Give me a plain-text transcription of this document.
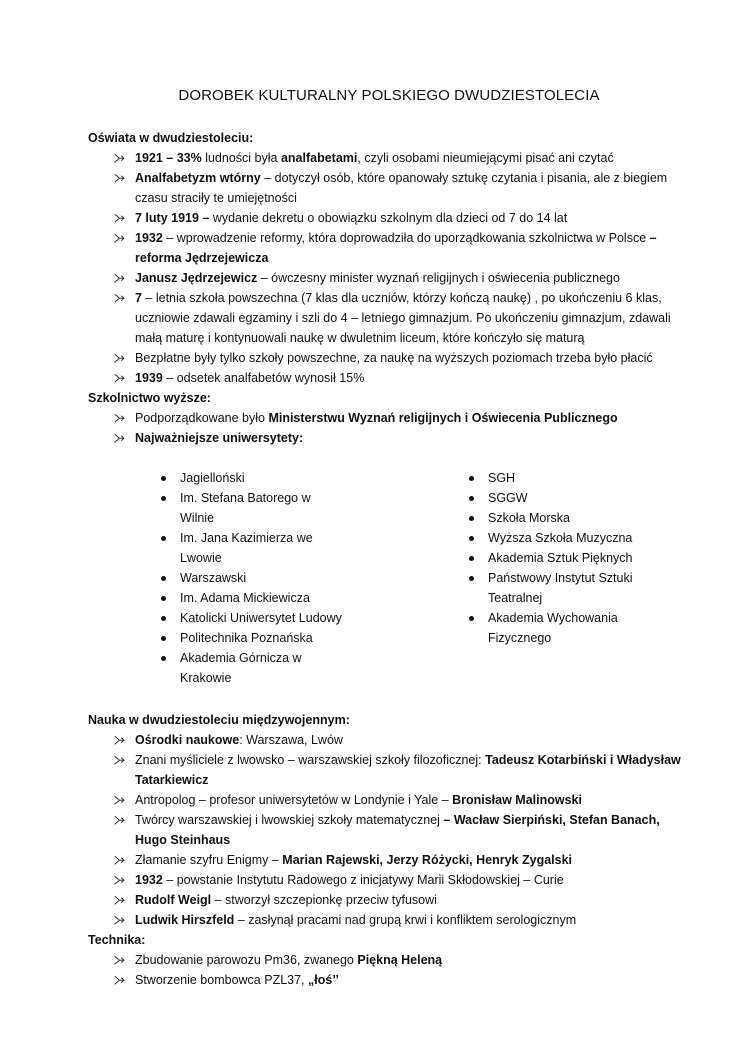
DOROBEK KULTURALNY POLSKIEGO DWUDZIESTOLECIA
Oświata w dwudziestoleciu:
1921 – 33% ludności była analfabetami, czyli osobami nieumiejącymi pisać ani czytać
Analfabetyzm wtórny – dotyczył osób, które opanowały sztukę czytania i pisania, ale z biegiem czasu straciły te umiejętności
7 luty 1919 – wydanie dekretu o obowiązku szkolnym dla dzieci od 7 do 14 lat
1932 – wprowadzenie reformy, która doprowadziła do uporządkowania szkolnictwa w Polsce – reforma Jędrzejewicza
Janusz Jędrzejewicz – ówczesny minister wyznań religijnych i oświecenia publicznego
7 – letnia szkoła powszechna (7 klas dla uczniów, którzy kończą naukę) , po ukończeniu 6 klas, uczniowie zdawali egzaminy i szli do 4 – letniego gimnazjum. Po ukończeniu gimnazjum, zdawali małą maturę i kontynuowali naukę w dwuletnim liceum, które kończyło się maturą
Bezpłatne były tylko szkoły powszechne, za naukę na wyższych poziomach trzeba było płacić
1939 – odsetek analfabetów wynosił 15%
Szkolnictwo wyższe:
Podporządkowane było Ministerstwu Wyznań religijnych i Oświecenia Publicznego
Najważniejsze uniwersytety:
Jagielloński
Im. Stefana Batorego w Wilnie
Im. Jana Kazimierza we Lwowie
Warszawski
Im. Adama Mickiewicza
Katolicki Uniwersytet Ludowy
Politechnika Poznańska
Akademia Górnicza w Krakowie
SGH
SGGW
Szkoła Morska
Wyższa Szkoła Muzyczna
Akademia Sztuk Pięknych
Państwowy Instytut Sztuki Teatralnej
Akademia Wychowania Fizycznego
Nauka w dwudziestoleciu międzywojennym:
Ośrodki naukowe: Warszawa, Lwów
Znani myśliciele z lwowsko – warszawskiej szkoły filozoficznej: Tadeusz Kotarbiński i Władysław Tatarkiewicz
Antropolog – profesor uniwersytetów w Londynie i Yale – Bronisław Malinowski
Twórcy warszawskiej i lwowskiej szkoły matematycznej – Wacław Sierpiński, Stefan Banach, Hugo Steinhaus
Złamanie szyfru Enigmy – Marian Rajewski, Jerzy Różycki, Henryk Zygalski
1932 – powstanie Instytutu Radowego z inicjatywy Marii Skłodowskiej – Curie
Rudolf Weigl – stworzył szczepionkę przeciw tyfusowi
Ludwik Hirszfeld – zasłynął pracami nad grupą krwi i konfliktem serologicznym
Technika:
Zbudowanie parowozu Pm36, zwanego Piękną Heleną
Stworzenie bombowca PZL37, „łoś’’
